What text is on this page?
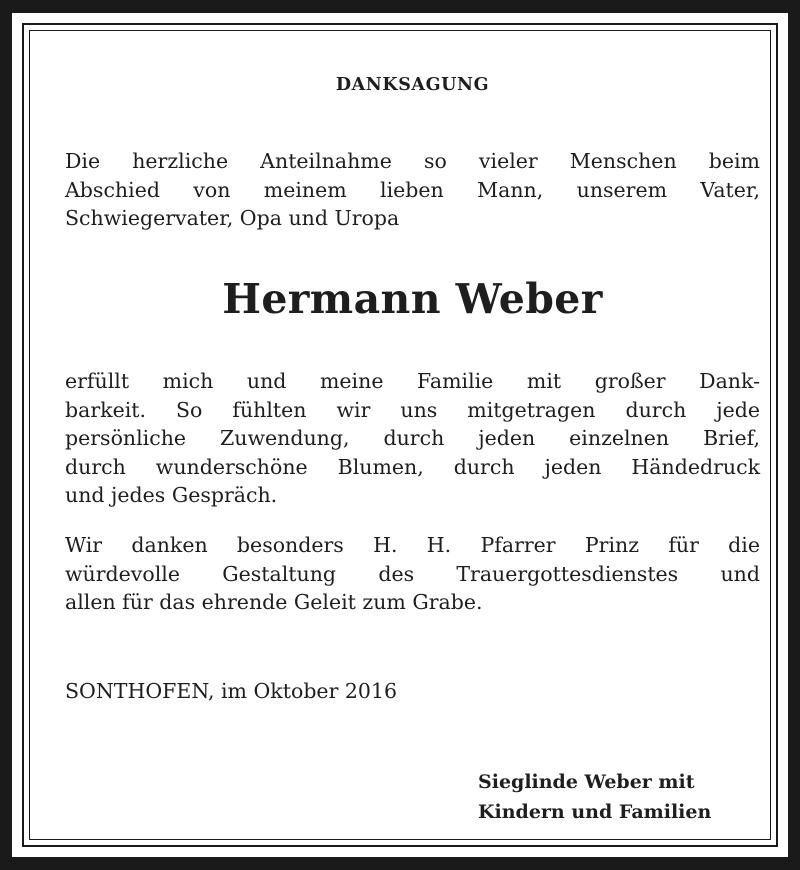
DANKSAGUNG

Die herzliche Anteilnahme so vieler Menschen beim
Abschied von meinem lieben Mann, unserem Vater,
Schwiegervater, Opa und Uropa

Hermann Weber

erfüllt mich und meine Familie mit großer Dank-
barkeit. So fühlten wir uns mitgetragen durch jede
persönliche Zuwendung, durch jeden einzelnen Brief,
durch wunderschöne Blumen, durch jeden Händedruck
und jedes Gespräch.

Wir danken besonders H. H. Pfarrer Prinz für die
würdevolle Gestaltung des Trauergottesdienstes und
allen für das ehrende Geleit zum Grabe.

SONTHOFEN, im Oktober 2016
Sieglinde Weber mit
Kindern und Familien
